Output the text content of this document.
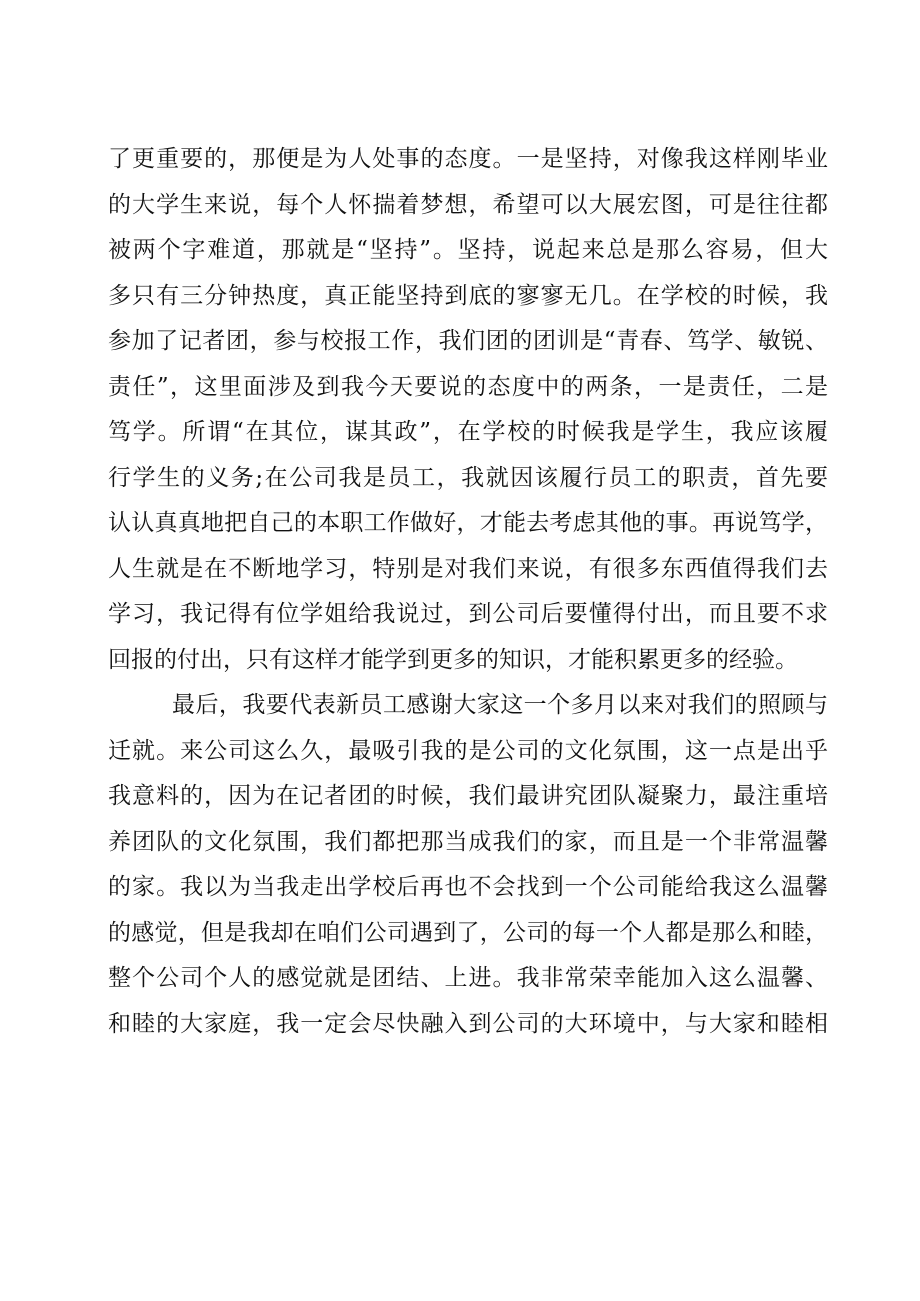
了更重要的，那便是为人处事的态度。一是坚持，对像我这样刚毕业
的大学生来说，每个人怀揣着梦想，希望可以大展宏图，可是往往都
被两个字难道，那就是“坚持”。坚持，说起来总是那么容易，但大
多只有三分钟热度，真正能坚持到底的寥寥无几。在学校的时候，我
参加了记者团，参与校报工作，我们团的团训是“青春、笃学、敏锐、
责任”，这里面涉及到我今天要说的态度中的两条，一是责任，二是
笃学。所谓“在其位，谋其政”，在学校的时候我是学生，我应该履
行学生的义务;在公司我是员工，我就因该履行员工的职责，首先要
认认真真地把自己的本职工作做好，才能去考虑其他的事。再说笃学，
人生就是在不断地学习，特别是对我们来说，有很多东西值得我们去
学习，我记得有位学姐给我说过，到公司后要懂得付出，而且要不求
回报的付出，只有这样才能学到更多的知识，才能积累更多的经验。
最后，我要代表新员工感谢大家这一个多月以来对我们的照顾与
迁就。来公司这么久，最吸引我的是公司的文化氛围，这一点是出乎
我意料的，因为在记者团的时候，我们最讲究团队凝聚力，最注重培
养团队的文化氛围，我们都把那当成我们的家，而且是一个非常温馨
的家。我以为当我走出学校后再也不会找到一个公司能给我这么温馨
的感觉，但是我却在咱们公司遇到了，公司的每一个人都是那么和睦，
整个公司个人的感觉就是团结、上进。我非常荣幸能加入这么温馨、
和睦的大家庭，我一定会尽快融入到公司的大环境中，与大家和睦相
